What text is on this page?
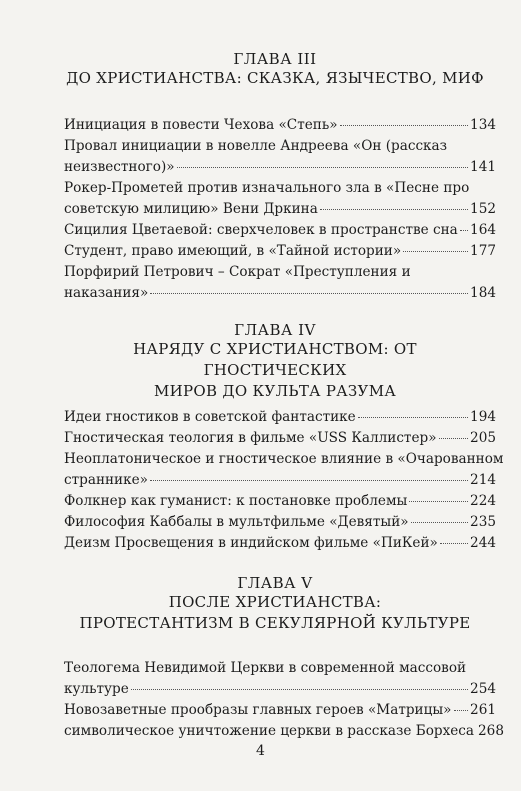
ГЛАВА III
ДО ХРИСТИАНСТВА: СКАЗКА, ЯЗЫЧЕСТВО, МИФ
Инициация в повести Чехова «Степь»	134
Провал инициации в новелле Андреева «Он (рассказ
неизвестного)»	141
Рокер-Прометей против изначального зла в «Песне про
советскую милицию» Вени Дркина	152
Сицилия Цветаевой: сверхчеловек в пространстве сна 164
Студент, право имеющий, в «Тайной истории»	177
Порфирий Петрович – Сократ «Преступления и
наказания»	184
ГЛАВА IV
НАРЯДУ С ХРИСТИАНСТВОМ: ОТ ГНОСТИЧЕСКИХ
МИРОВ ДО КУЛЬТА РАЗУМА
Идеи гностиков в советской фантастике	194
Гностическая теология в фильме «USS Каллистер» 205
Неоплатоническое и гностическое влияние в «Очарованном
страннике»	214
Фолкнер как гуманист: к постановке проблемы	224
Философия Каббалы в мультфильме «Девятый»	235
Деизм Просвещения в индийском фильме «ПиКей» 244
ГЛАВА V
ПОСЛЕ ХРИСТИАНСТВА:
ПРОТЕСТАНТИЗМ В СЕКУЛЯРНОЙ КУЛЬТУРЕ
Теологема Невидимой Церкви в современной массовой
культуре	254
Новозаветные прообразы главных героев «Матрицы» 261
символическое уничтожение церкви в рассказе Борхеса 268
4
